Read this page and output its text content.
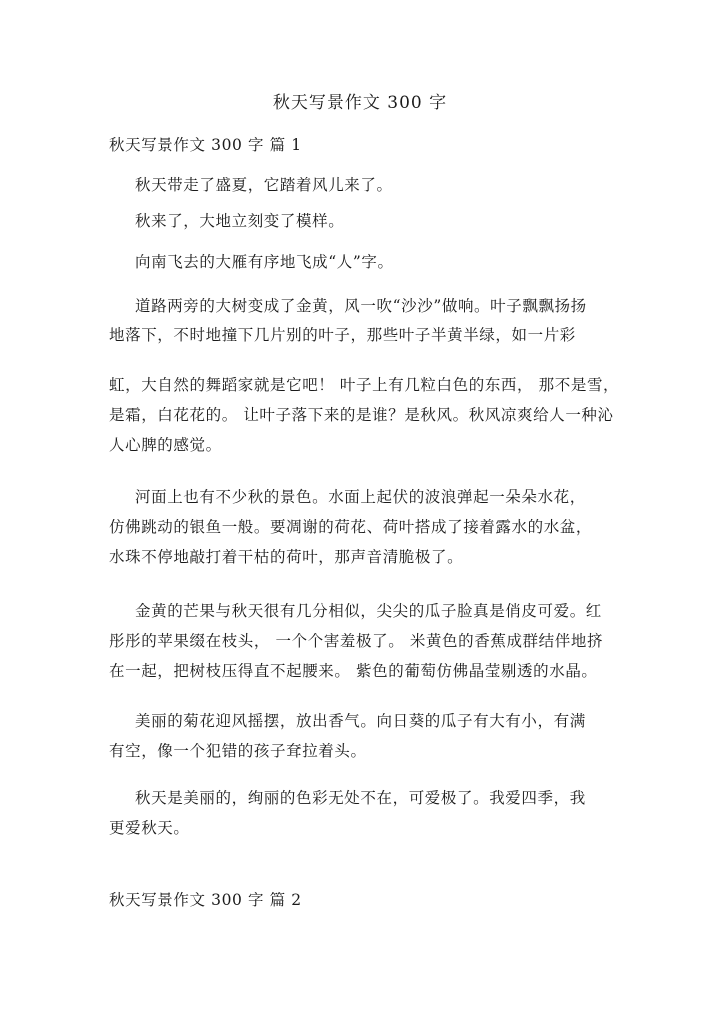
秋天写景作文 300 字

秋天写景作文 300 字 篇 1

秋天带走了盛夏，它踏着风儿来了。

秋来了，大地立刻变了模样。

向南飞去的大雁有序地飞成“人”字。

道路两旁的大树变成了金黄，风一吹“沙沙”做响。叶子飘飘扬扬

地落下，不时地撞下几片别的叶子，那些叶子半黄半绿，如一片彩

虹，大自然的舞蹈家就是它吧！ 叶子上有几粒白色的东西， 那不是雪，

是霜，白花花的。 让叶子落下来的是谁？是秋风。秋风凉爽给人一种沁

人心脾的感觉。

河面上也有不少秋的景色。水面上起伏的波浪弹起一朵朵水花，

仿佛跳动的银鱼一般。要凋谢的荷花、荷叶搭成了接着露水的水盆，

水珠不停地敲打着干枯的荷叶，那声音清脆极了。

金黄的芒果与秋天很有几分相似，尖尖的瓜子脸真是俏皮可爱。红

彤彤的苹果缀在枝头， 一个个害羞极了。 米黄色的香蕉成群结伴地挤

在一起，把树枝压得直不起腰来。 紫色的葡萄仿佛晶莹剔透的水晶。

美丽的菊花迎风摇摆，放出香气。向日葵的瓜子有大有小，有满

有空，像一个犯错的孩子耷拉着头。

秋天是美丽的，绚丽的色彩无处不在，可爱极了。我爱四季，我

更爱秋天。

秋天写景作文 300 字 篇 2
